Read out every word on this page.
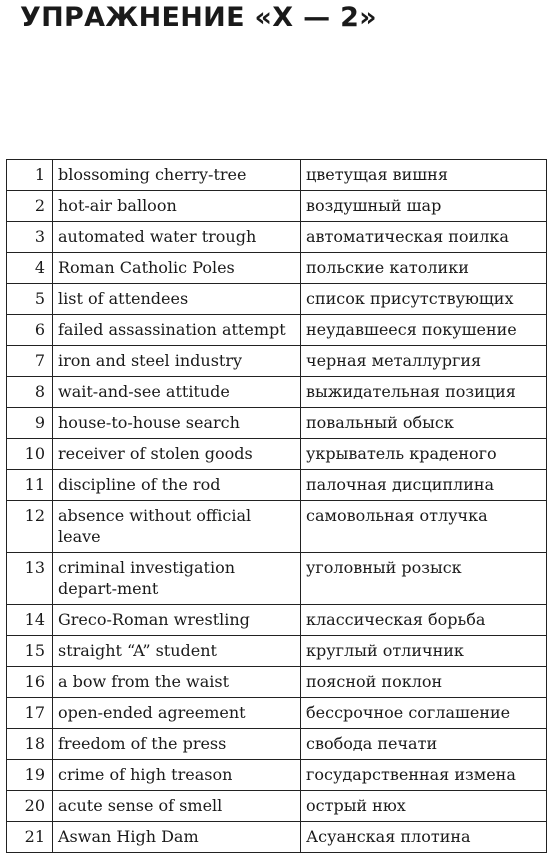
УПРАЖНЕНИЕ «X — 2»
1	blossoming cherry-tree	цветущая вишня
2	hot-air balloon	воздушный шар
3	automated water trough	автоматическая поилка
4	Roman Catholic Poles	польские католики
5	list of attendees	список присутствующих
6	failed assassination attempt	неудавшееся покушение
7	iron and steel industry	черная металлургия
8	wait-and-see attitude	выжидательная позиция
9	house-to-house search	повальный обыск
10	receiver of stolen goods	укрыватель краденого
11	discipline of the rod	палочная дисциплина
12	absence without official leave	самовольная отлучка
13	criminal investigation depart-ment	уголовный розыск
14	Greco-Roman wrestling	классическая борьба
15	straight “A” student	круглый отличник
16	a bow from the waist	поясной поклон
17	open-ended agreement	бессрочное соглашение
18	freedom of the press	свобода печати
19	crime of high treason	государственная измена
20	acute sense of smell	острый нюх
21	Aswan High Dam	Асуанская плотина
